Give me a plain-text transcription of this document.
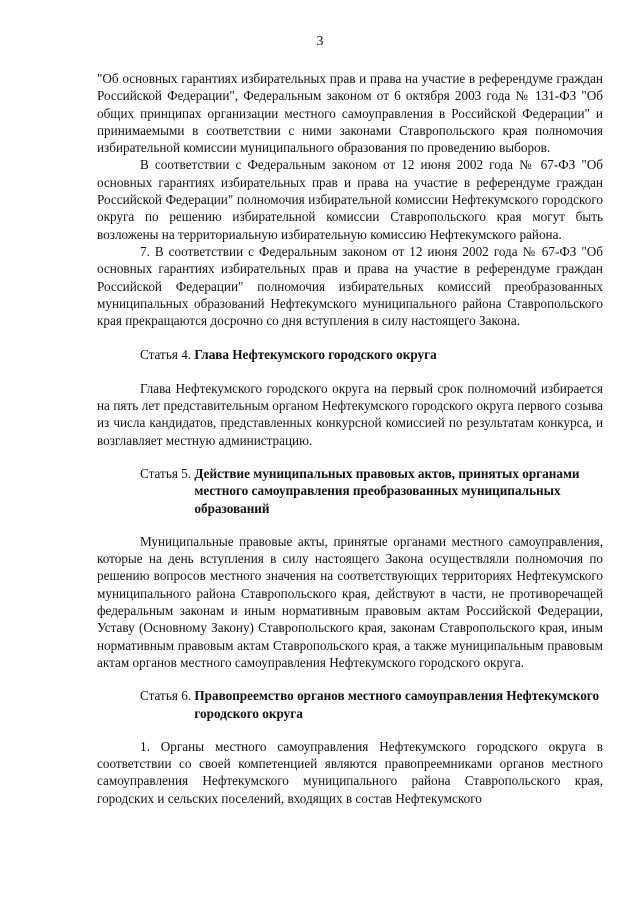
3

"Об основных гарантиях избирательных прав и права на участие в референдуме граждан Российской Федерации", Федеральным законом от 6 октября 2003 года № 131-ФЗ "Об общих принципах организации местного самоуправления в Российской Федерации" и принимаемыми в соответствии с ними законами Ставропольского края полномочия избирательной комиссии муниципального образования по проведению выборов.

В соответствии с Федеральным законом от 12 июня 2002 года № 67-ФЗ "Об основных гарантиях избирательных прав и права на участие в референдуме граждан Российской Федерации" полномочия избирательной комиссии Нефтекумского городского округа по решению избирательной комиссии Ставропольского края могут быть возложены на территориальную избирательную комиссию Нефтекумского района.

7. В соответствии с Федеральным законом от 12 июня 2002 года № 67-ФЗ "Об основных гарантиях избирательных прав и права на участие в референдуме граждан Российской Федерации" полномочия избирательных комиссий преобразованных муниципальных образований Нефтекумского муниципального района Ставропольского края прекращаются досрочно со дня вступления в силу настоящего Закона.

Статья 4. Глава Нефтекумского городского округа

Глава Нефтекумского городского округа на первый срок полномочий избирается на пять лет представительным органом Нефтекумского городского округа первого созыва из числа кандидатов, представленных конкурсной комиссией по результатам конкурса, и возглавляет местную администрацию.

Статья 5. Действие муниципальных правовых актов, принятых органами местного самоуправления преобразованных муниципальных образований

Муниципальные правовые акты, принятые органами местного самоуправления, которые на день вступления в силу настоящего Закона осуществляли полномочия по решению вопросов местного значения на соответствующих территориях Нефтекумского муниципального района Ставропольского края, действуют в части, не противоречащей федеральным законам и иным нормативным правовым актам Российской Федерации, Уставу (Основному Закону) Ставропольского края, законам Ставропольского края, иным нормативным правовым актам Ставропольского края, а также муниципальным правовым актам органов местного самоуправления Нефтекумского городского округа.

Статья 6. Правопреемство органов местного самоуправления Нефтекумского городского округа

1. Органы местного самоуправления Нефтекумского городского округа в соответствии со своей компетенцией являются правопреемниками органов местного самоуправления Нефтекумского муниципального района Ставропольского края, городских и сельских поселений, входящих в состав Нефтекумского
